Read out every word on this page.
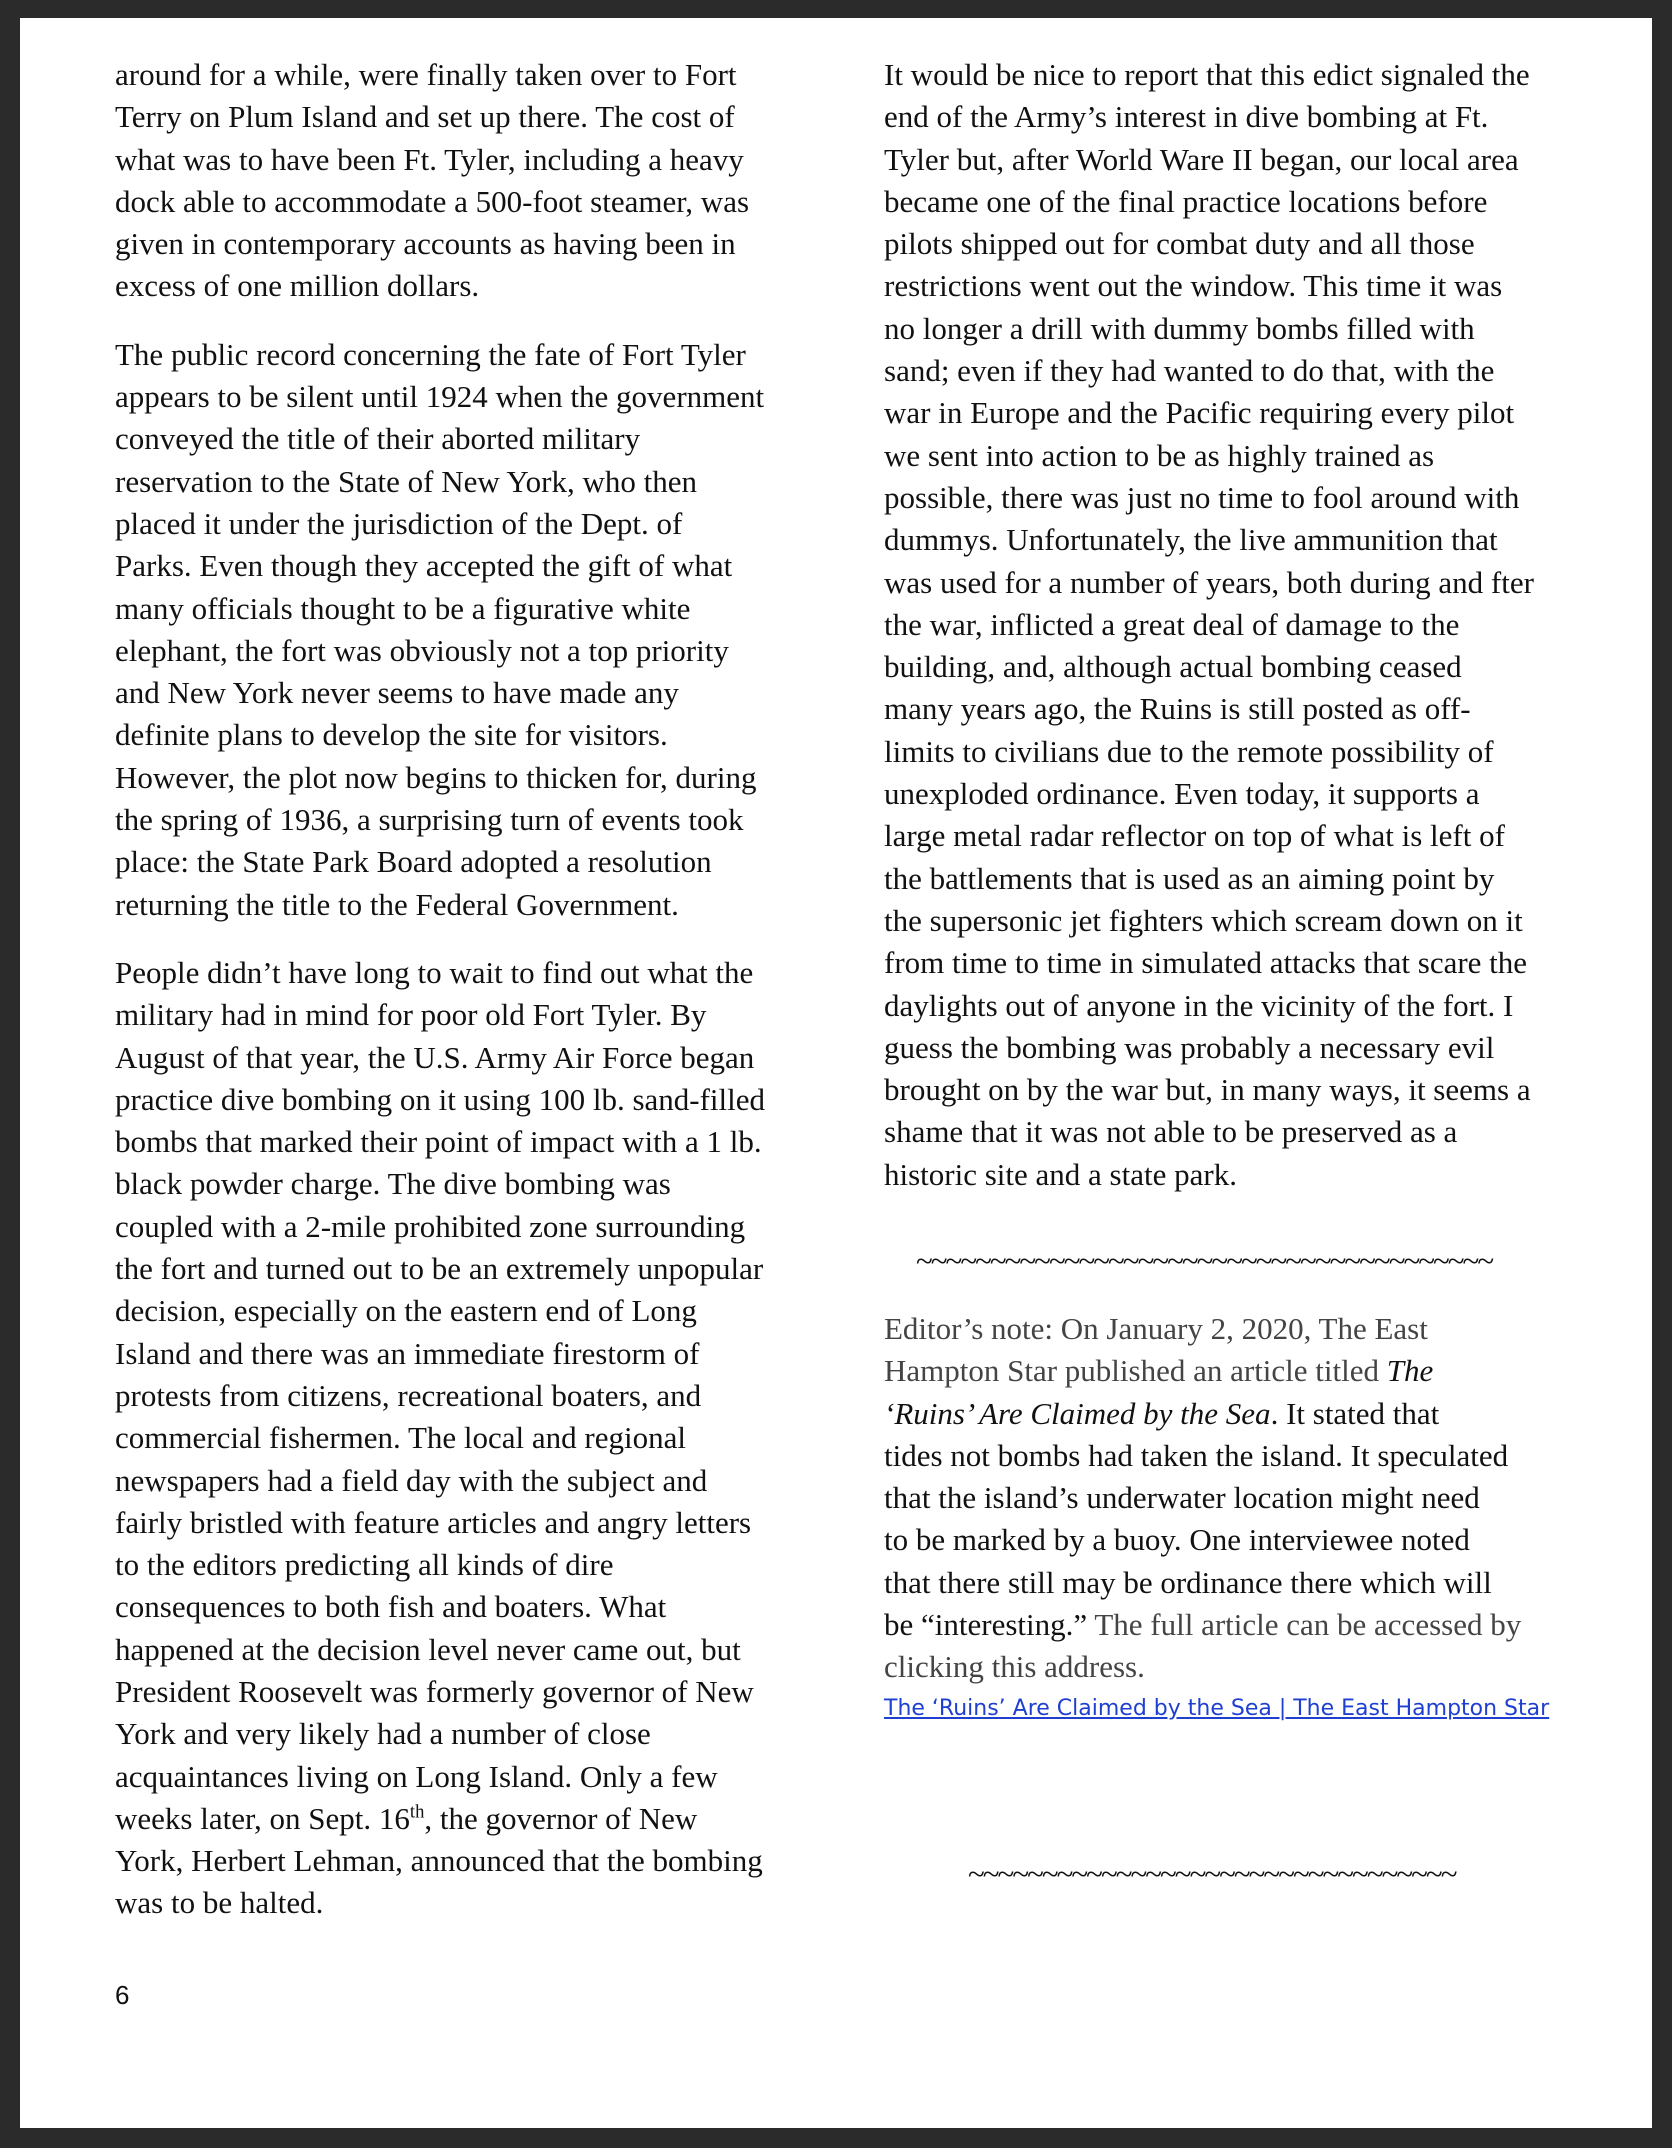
around for a while, were finally taken over to Fort
Terry on Plum Island and set up there. The cost of
what was to have been Ft. Tyler, including a heavy
dock able to accommodate a 500-foot steamer, was
given in contemporary accounts as having been in
excess of one million dollars.
The public record concerning the fate of Fort Tyler
appears to be silent until 1924 when the government
conveyed the title of their aborted military
reservation to the State of New York, who then
placed it under the jurisdiction of the Dept. of
Parks. Even though they accepted the gift of what
many officials thought to be a figurative white
elephant, the fort was obviously not a top priority
and New York never seems to have made any
definite plans to develop the site for visitors.
However, the plot now begins to thicken for, during
the spring of 1936, a surprising turn of events took
place: the State Park Board adopted a resolution
returning the title to the Federal Government.
People didn’t have long to wait to find out what the
military had in mind for poor old Fort Tyler. By
August of that year, the U.S. Army Air Force began
practice dive bombing on it using 100 lb. sand-filled
bombs that marked their point of impact with a 1 lb.
black powder charge. The dive bombing was
coupled with a 2-mile prohibited zone surrounding
the fort and turned out to be an extremely unpopular
decision, especially on the eastern end of Long
Island and there was an immediate firestorm of
protests from citizens, recreational boaters, and
commercial fishermen. The local and regional
newspapers had a field day with the subject and
fairly bristled with feature articles and angry letters
to the editors predicting all kinds of dire
consequences to both fish and boaters. What
happened at the decision level never came out, but
President Roosevelt was formerly governor of New
York and very likely had a number of close
acquaintances living on Long Island. Only a few
weeks later, on Sept. 16th, the governor of New
York, Herbert Lehman, announced that the bombing
was to be halted.
It would be nice to report that this edict signaled the
end of the Army’s interest in dive bombing at Ft.
Tyler but, after World Ware II began, our local area
became one of the final practice locations before
pilots shipped out for combat duty and all those
restrictions went out the window. This time it was
no longer a drill with dummy bombs filled with
sand; even if they had wanted to do that, with the
war in Europe and the Pacific requiring every pilot
we sent into action to be as highly trained as
possible, there was just no time to fool around with
dummys. Unfortunately, the live ammunition that
was used for a number of years, both during and fter
the war, inflicted a great deal of damage to the
building, and, although actual bombing ceased
many years ago, the Ruins is still posted as off-
limits to civilians due to the remote possibility of
unexploded ordinance. Even today, it supports a
large metal radar reflector on top of what is left of
the battlements that is used as an aiming point by
the supersonic jet fighters which scream down on it
from time to time in simulated attacks that scare the
daylights out of anyone in the vicinity of the fort. I
guess the bombing was probably a necessary evil
brought on by the war but, in many ways, it seems a
shame that it was not able to be preserved as a
historic site and a state park.
~~~~~~~~~~~~~~~~~~~~~~~~~~~~~~~~~~~~~~~
Editor’s note: On January 2, 2020, The East
Hampton Star published an article titled The
‘Ruins’ Are Claimed by the Sea. It stated that
tides not bombs had taken the island. It speculated
that the island’s underwater location might need
to be marked by a buoy. One interviewee noted
that there still may be ordinance there which will
be “interesting.” The full article can be accessed by
clicking this address.
The ‘Ruins’ Are Claimed by the Sea | The East Hampton Star
~~~~~~~~~~~~~~~~~~~~~~~~~~~~~~~~~
6
